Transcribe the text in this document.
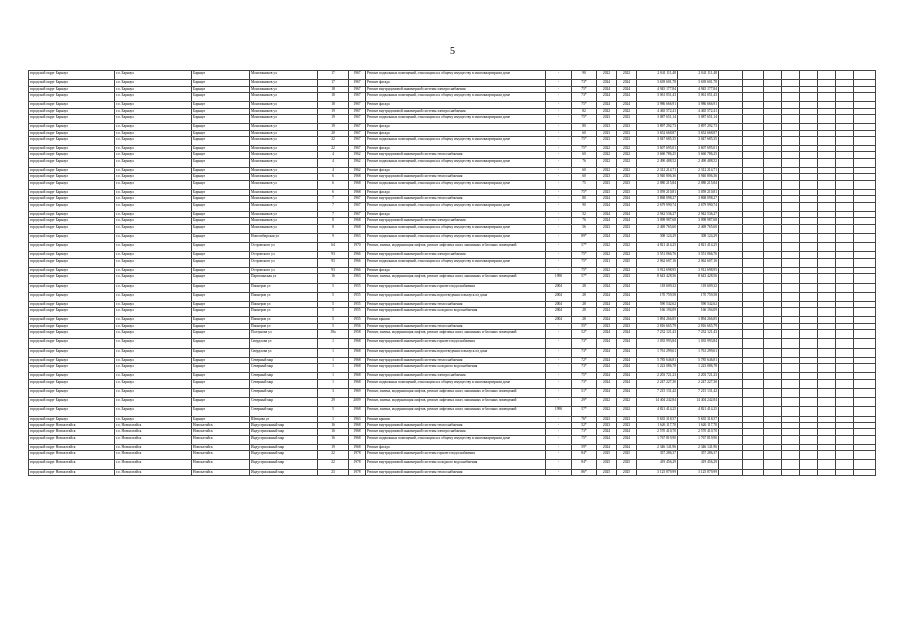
5
городской округ Барнаул	г.о. Барнаул	Барнаул	Монтажников ул	17	1967	Ремонт подвальных помещений, относящихся к общему имуществу в многоквартирном доме	-	90	2022	2022	2 041 111,48	2 041 111,48								
городской округ Барнаул	г.о. Барнаул	Барнаул	Монтажников ул	17	1967	Ремонт фасада	-	73*	2024	2024	3 639 601,78	3 639 601,78								
городской округ Барнаул	г.о. Барнаул	Барнаул	Монтажников ул	18	1967	Ремонт внутридомовой инженерной системы электроснабжения	-	75*	2024	2024	4 945 177,84	4 945 177,84								
городской округ Барнаул	г.о. Барнаул	Барнаул	Монтажников ул	18	1967	Ремонт подвальных помещений, относящихся к общему имуществу в многоквартирном доме	-	73*	2024	2024	3 061 051,43	3 061 051,43								
городской округ Барнаул	г.о. Барнаул	Барнаул	Монтажников ул	18	1967	Ремонт фасада	-	75*	2024	2024	3 986 666,91	3 986 666,91								
городской округ Барнаул	г.о. Барнаул	Барнаул	Монтажников ул	19	1967	Ремонт внутридомовой инженерной системы электроснабжения	-	82	2022	2022	4 465 572,41	4 465 572,41								
городской округ Барнаул	г.о. Барнаул	Барнаул	Монтажников ул	19	1967	Ремонт подвальных помещений, относящихся к общему имуществу в многоквартирном доме	-	75*	2023	2023	3 087 651,14	3 087 651,14								
городской округ Барнаул	г.о. Барнаул	Барнаул	Монтажников ул	19	1967	Ремонт фасада	-	80	2023	2023	3 897 292,73	3 897 292,73								
городской округ Барнаул	г.о. Барнаул	Барнаул	Монтажников ул	20	1967	Ремонт фасада	-	60	2023	2023	3 652 668,87	3 652 668,87								
городской округ Барнаул	г.о. Барнаул	Барнаул	Монтажников ул	22	1967	Ремонт подвальных помещений, относящихся к общему имуществу в многоквартирном доме	-	75*	2023	2023	3 047 685,35	3 047 685,35								
городской округ Барнаул	г.о. Барнаул	Барнаул	Монтажников ул	22	1967	Ремонт фасада	-	75*	2022	2022	3 607 695,01	3 607 695,01								
городской округ Барнаул	г.о. Барнаул	Барнаул	Монтажников ул	4	1962	Ремонт внутридомовой инженерной системы теплоснабжения	-	60	2022	2022	3 660 786,25	3 660 786,25								
городской округ Барнаул	г.о. Барнаул	Барнаул	Монтажников ул	4	1962	Ремонт подвальных помещений, относящихся к общему имуществу в многоквартирном доме	-	76	2022	2022	2 490 488,52	2 490 488,52								
городской округ Барнаул	г.о. Барнаул	Барнаул	Монтажников ул	4	1962	Ремонт фасада	-	60	2022	2022	2 312 214,71	2 312 214,71								
городской округ Барнаул	г.о. Барнаул	Барнаул	Монтажников ул	6	1968	Ремонт внутридомовой инженерной системы теплоснабжения	-	60	2023	2023	3 940 806,36	3 940 806,36								
городской округ Барнаул	г.о. Барнаул	Барнаул	Монтажников ул	6	1968	Ремонт подвальных помещений, относящихся к общему имуществу в многоквартирном доме	-	75	2023	2023	2 080 215,84	2 080 215,84								
городской округ Барнаул	г.о. Барнаул	Барнаул	Монтажников ул	6	1968	Ремонт фасада	-	75*	2023	2023	3 059 210,81	3 059 210,81								
городской округ Барнаул	г.о. Барнаул	Барнаул	Монтажников ул	7	1967	Ремонт внутридомовой инженерной системы теплоснабжения	-	80	2024	2024	3 868 098,27	3 868 098,27								
городской округ Барнаул	г.о. Барнаул	Барнаул	Монтажников ул	7	1967	Ремонт подвальных помещений, относящихся к общему имуществу в многоквартирном доме	-	90	2024	2024	2 679 990,74	2 679 990,74								
городской округ Барнаул	г.о. Барнаул	Барнаул	Монтажников ул	7	1967	Ремонт фасада	-	52	2024	2024	2 942 536,27	2 942 536,27								
городской округ Барнаул	г.о. Барнаул	Барнаул	Монтажников ул	8	1968	Ремонт внутридомовой инженерной системы электроснабжения	-	76	2024	2024	3 098 987,68	3 098 987,68								
городской округ Барнаул	г.о. Барнаул	Барнаул	Монтажников ул	8	1968	Ремонт подвальных помещений, относящихся к общему имуществу в многоквартирном доме	-	56	2023	2023	2 469 765,60	2 469 765,60								
городской округ Барнаул	г.о. Барнаул	Барнаул	Новосибирская ул	9	1963	Ремонт подвальных помещений, относящихся к общему имуществу в многоквартирном доме	-	89*	2024	2024	308 124,29	308 124,29								
городской округ Барнаул	г.о. Барнаул	Барнаул	Островского ул	64	1970	Ремонт, замена, модернизация лифтов, ремонт лифтовых шахт, машинных и блочных помещений	-	57*	2022	2022	4 821 414,25	4 821 414,25								
городской округ Барнаул	г.о. Барнаул	Барнаул	Островского ул	93	1966	Ремонт внутридомовой инженерной системы электроснабжения	-	75*	2022	2022	3 551 066,76	3 551 066,76								
городской округ Барнаул	г.о. Барнаул	Барнаул	Островского ул	93	1966	Ремонт подвальных помещений, относящихся к общему имуществу в многоквартирном доме	-	75*	2021	2025	2 062 607,16	2 062 607,16								
городской округ Барнаул	г.о. Барнаул	Барнаул	Островского ул	93	1966	Ремонт фасада	-	75*	2022	2022	3 912 698,95	3 912 698,95								
городской округ Барнаул	г.о. Барнаул	Барнаул	Партизанская ул	16	1963	Ремонт, замена, модернизация лифтов, ремонт лифтовых шахт, машинных и блочных помещений	1990	57*	2023	2023	8 643 428,56	8 643 428,56								
городской округ Барнаул	г.о. Барнаул	Барнаул	Пионеров ул	5	1955	Ремонт внутридомовой инженерной системы горячего водоснабжения	2004	28	2024	2024	118 609,32	118 609,32								
городской округ Барнаул	г.о. Барнаул	Барнаул	Пионеров ул	5	1955	Ремонт внутридомовой инженерной системы водоотведения и выпуск из дома	2004	28	2024	2024	170 759,58	170 759,58								
городской округ Барнаул	г.о. Барнаул	Барнаул	Пионеров ул	5	1955	Ремонт внутридомовой инженерной системы теплоснабжения	2004	28	2024	2024	590 542,62	590 542,62								
городской округ Барнаул	г.о. Барнаул	Барнаул	Пионеров ул	5	1955	Ремонт внутридомовой инженерной системы холодного водоснабжения	2004	28	2024	2024	166 194,09	166 194,09								
городской округ Барнаул	г.о. Барнаул	Барнаул	Пионеров ул	5	1955	Ремонт крыши	2004	28	2024	2024	1 894 266,85	1 894 266,85								
городской округ Барнаул	г.о. Барнаул	Барнаул	Пионеров ул	5	1956	Ремонт внутридомовой инженерной системы теплоснабжения	-	55*	2023	2023	2 816 665,79	2 816 665,79								
городской округ Барнаул	г.о. Барнаул	Барнаул	Ползунова ул	18a	1958	Ремонт, замена, модернизация лифтов, ремонт лифтовых шахт, машинных и блочных помещений	-	52*	2024	2024	7 232 121,43	7 232 121,43								
городской округ Барнаул	г.о. Барнаул	Барнаул	Свердлова ул	1	1968	Ремонт внутридомовой инженерной системы горячего водоснабжения	-	73*	2024	2024	1 035 993,84	1 035 993,84								
городской округ Барнаул	г.о. Барнаул	Барнаул	Свердлова ул	1	1968	Ремонт внутридомовой инженерной системы водоотведения и выпуск из дома	-	73*	2024	2024	1 761 299,61	1 761 299,61								
городской округ Барнаул	г.о. Барнаул	Барнаул	Северный мкр	1	1968	Ремонт внутридомовой инженерной системы теплоснабжения	-	72*	2024	2024	5 785 646,81	5 785 646,81								
городской округ Барнаул	г.о. Барнаул	Барнаул	Северный мкр	1	1968	Ремонт внутридомовой инженерной системы холодного водоснабжения	-	73*	2024	2024	1 223 086,78	1 223 086,78								
городской округ Барнаул	г.о. Барнаул	Барнаул	Северный мкр	1	1968	Ремонт внутридомовой инженерной системы электроснабжения	-	75*	2024	2024	2 203 721,23	2 203 721,23								
городской округ Барнаул	г.о. Барнаул	Барнаул	Северный мкр	1	1968	Ремонт подвальных помещений, относящихся к общему имуществу в многоквартирном доме	-	73*	2024	2024	2 247 227,30	2 247 227,30								
городской округ Барнаул	г.о. Барнаул	Барнаул	Северный мкр	3	1969	Ремонт, замена, модернизация лифтов, ремонт лифтовых шахт, машинных и блочных помещений	-	51*	2024	2024	7 215 131,42	7 215 131,42								
городской округ Барнаул	г.о. Барнаул	Барнаул	Северный мкр	29	2009	Ремонт, замена, модернизация лифтов, ремонт лифтовых шахт, машинных и блочных помещений	-	29*	2022	2022	14 404 242,84	14 404 242,84								
городской округ Барнаул	г.о. Барнаул	Барнаул	Северный мкр	5	1968	Ремонт, замена, модернизация лифтов, ремонт лифтовых шахт, машинных и блочных помещений	1990	57*	2022	2022	4 821 414,25	4 821 414,25								
городской округ Барнаул	г.о. Барнаул	Барнаул	Шевцова ул	1	1963	Ремонт крыши	-	76*	2023	2023	5 635 318,57	5 635 318,57								
городской округ Новоалтайск	г.о. Новоалтайск	Новоалтайск	Индустриальный мкр	16	1968	Ремонт внутридомовой инженерной системы теплоснабжения	-	52*	2023	2023	1 626 117,70	1 626 117,70								
городской округ Новоалтайск	г.о. Новоалтайск	Новоалтайск	Индустриальный мкр	16	1968	Ремонт внутридомовой инженерной системы электроснабжения	-	73*	2024	2024	2 570 410,70	2 570 410,70								
городской округ Новоалтайск	г.о. Новоалтайск	Новоалтайск	Индустриальный мкр	16	1968	Ремонт подвальных помещений, относящихся к общему имуществу в многоквартирном доме	-	75*	2024	2024	1 767 819,90	1 767 819,90								
городской округ Новоалтайск	г.о. Новоалтайск	Новоалтайск	Индустриальный мкр	19	1968	Ремонт фасада	-	59*	2024	2024	2 346 141,96	2 346 141,96								
городской округ Новоалтайск	г.о. Новоалтайск	Новоалтайск	Индустриальный мкр	22	1978	Ремонт внутридомовой инженерной системы горячего водоснабжения	-	84*	2025	2025	357 286,37	357 286,37								
городской округ Новоалтайск	г.о. Новоалтайск	Новоалтайск	Индустриальный мкр	22	1978	Ремонт внутридомовой инженерной системы холодного водоснабжения	-	84*	2025	2025	419 456,29	419 456,29								
городской округ Новоалтайск	г.о. Новоалтайск	Новоалтайск	Индустриальный мкр	23	1978	Ремонт внутридомовой инженерной системы теплоснабжения	-	86*	2025	2025	3 125 879,99	3 125 879,99								
